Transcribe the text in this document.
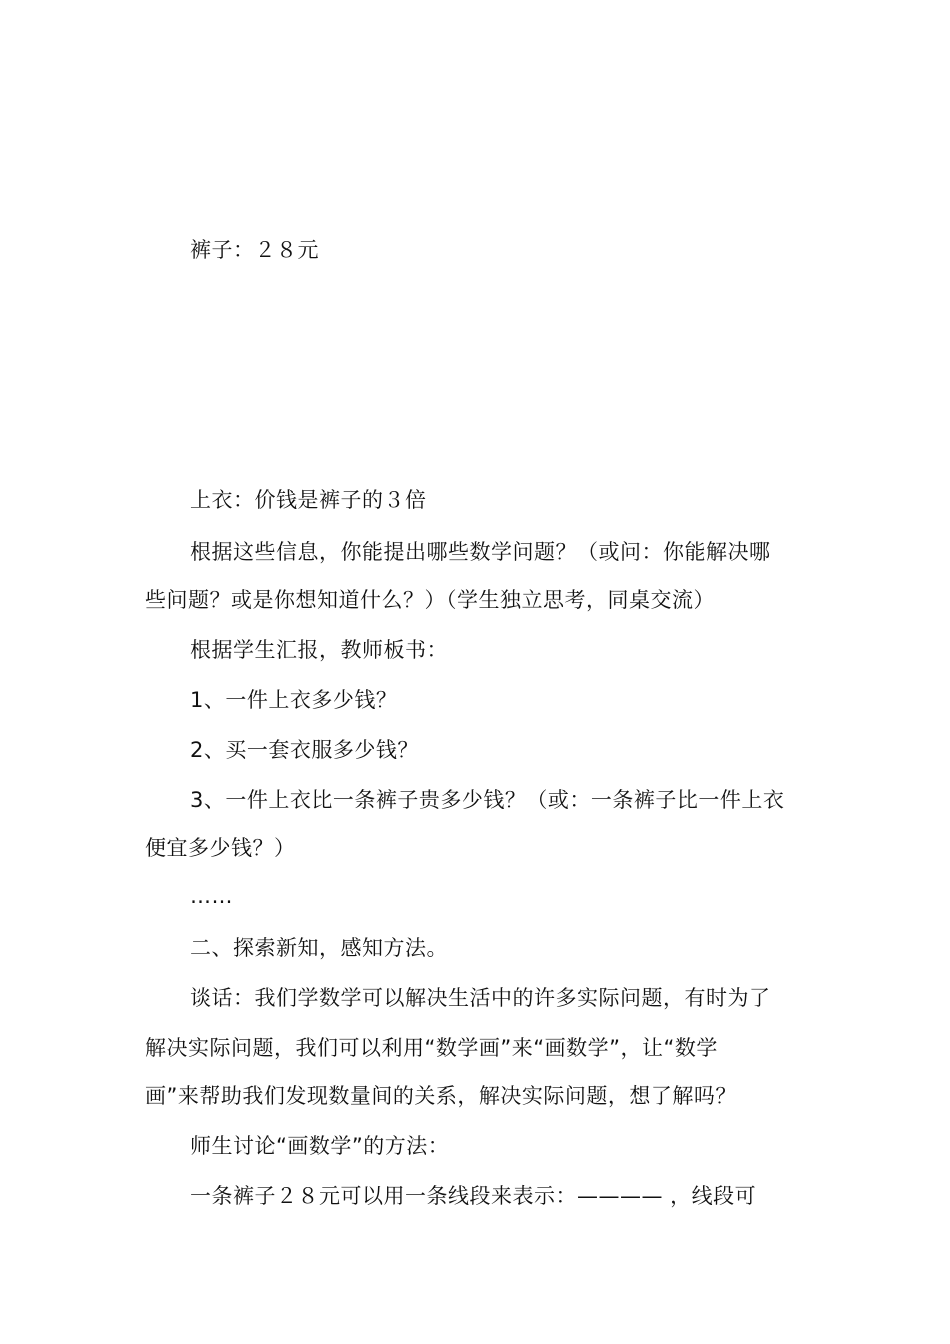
裤子：２８元
上衣：价钱是裤子的３倍
根据这些信息，你能提出哪些数学问题？（或问：你能解决哪
些问题？或是你想知道什么？）（学生独立思考，同桌交流）
根据学生汇报，教师板书：
1、一件上衣多少钱？
2、买一套衣服多少钱？
3、一件上衣比一条裤子贵多少钱？（或：一条裤子比一件上衣
便宜多少钱？）
……
二、探索新知，感知方法。
谈话：我们学数学可以解决生活中的许多实际问题，有时为了
解决实际问题，我们可以利用“数学画”来“画数学”，让“数学
画”来帮助我们发现数量间的关系，解决实际问题，想了解吗？
师生讨论“画数学”的方法：
一条裤子２８元可以用一条线段来表示：———— ，线段可
